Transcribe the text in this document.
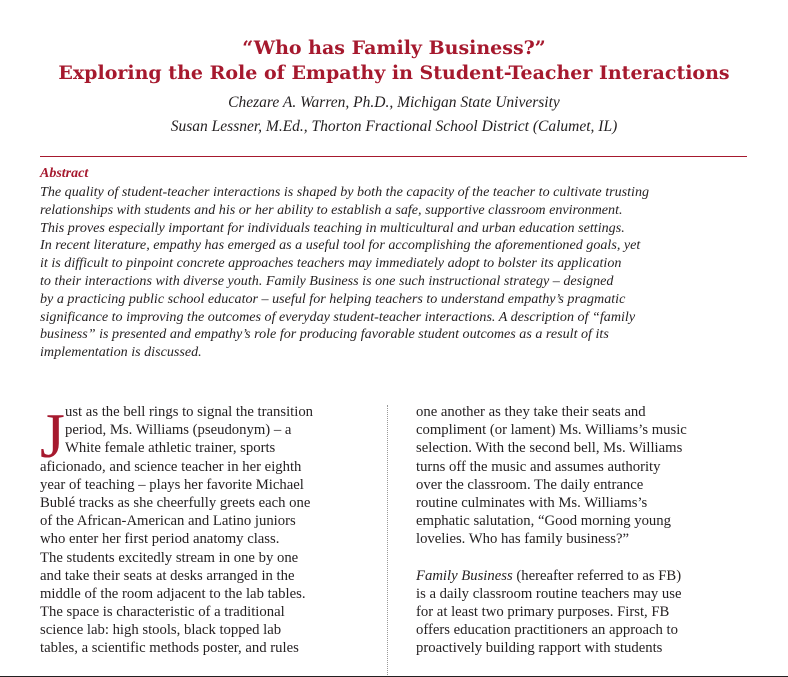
“Who has Family Business?”
Exploring the Role of Empathy in Student-Teacher Interactions
Chezare A. Warren, Ph.D., Michigan State University
Susan Lessner, M.Ed., Thorton Fractional School District (Calumet, IL)
Abstract
The quality of student-teacher interactions is shaped by both the capacity of the teacher to cultivate trusting
relationships with students and his or her ability to establish a safe, supportive classroom environment.
This proves especially important for individuals teaching in multicultural and urban education settings.
In recent literature, empathy has emerged as a useful tool for accomplishing the aforementioned goals, yet
it is difficult to pinpoint concrete approaches teachers may immediately adopt to bolster its application
to their interactions with diverse youth. Family Business is one such instructional strategy – designed
by a practicing public school educator – useful for helping teachers to understand empathy’s pragmatic
significance to improving the outcomes of everyday student-teacher interactions. A description of “family
business” is presented and empathy’s role for producing favorable student outcomes as a result of its
implementation is discussed.
J ust as the bell rings to signal the transition
period, Ms. Williams (pseudonym) – a
White female athletic trainer, sports
aficionado, and science teacher in her eighth
year of teaching – plays her favorite Michael
Bublé tracks as she cheerfully greets each one
of the African-American and Latino juniors
who enter her first period anatomy class.
The students excitedly stream in one by one
and take their seats at desks arranged in the
middle of the room adjacent to the lab tables.
The space is characteristic of a traditional
science lab: high stools, black topped lab
tables, a scientific methods poster, and rules
one another as they take their seats and
compliment (or lament) Ms. Williams’s music
selection. With the second bell, Ms. Williams
turns off the music and assumes authority
over the classroom. The daily entrance
routine culminates with Ms. Williams’s
emphatic salutation, “Good morning young
lovelies. Who has family business?”
Family Business (hereafter referred to as FB)
is a daily classroom routine teachers may use
for at least two primary purposes. First, FB
offers education practitioners an approach to
proactively building rapport with students
